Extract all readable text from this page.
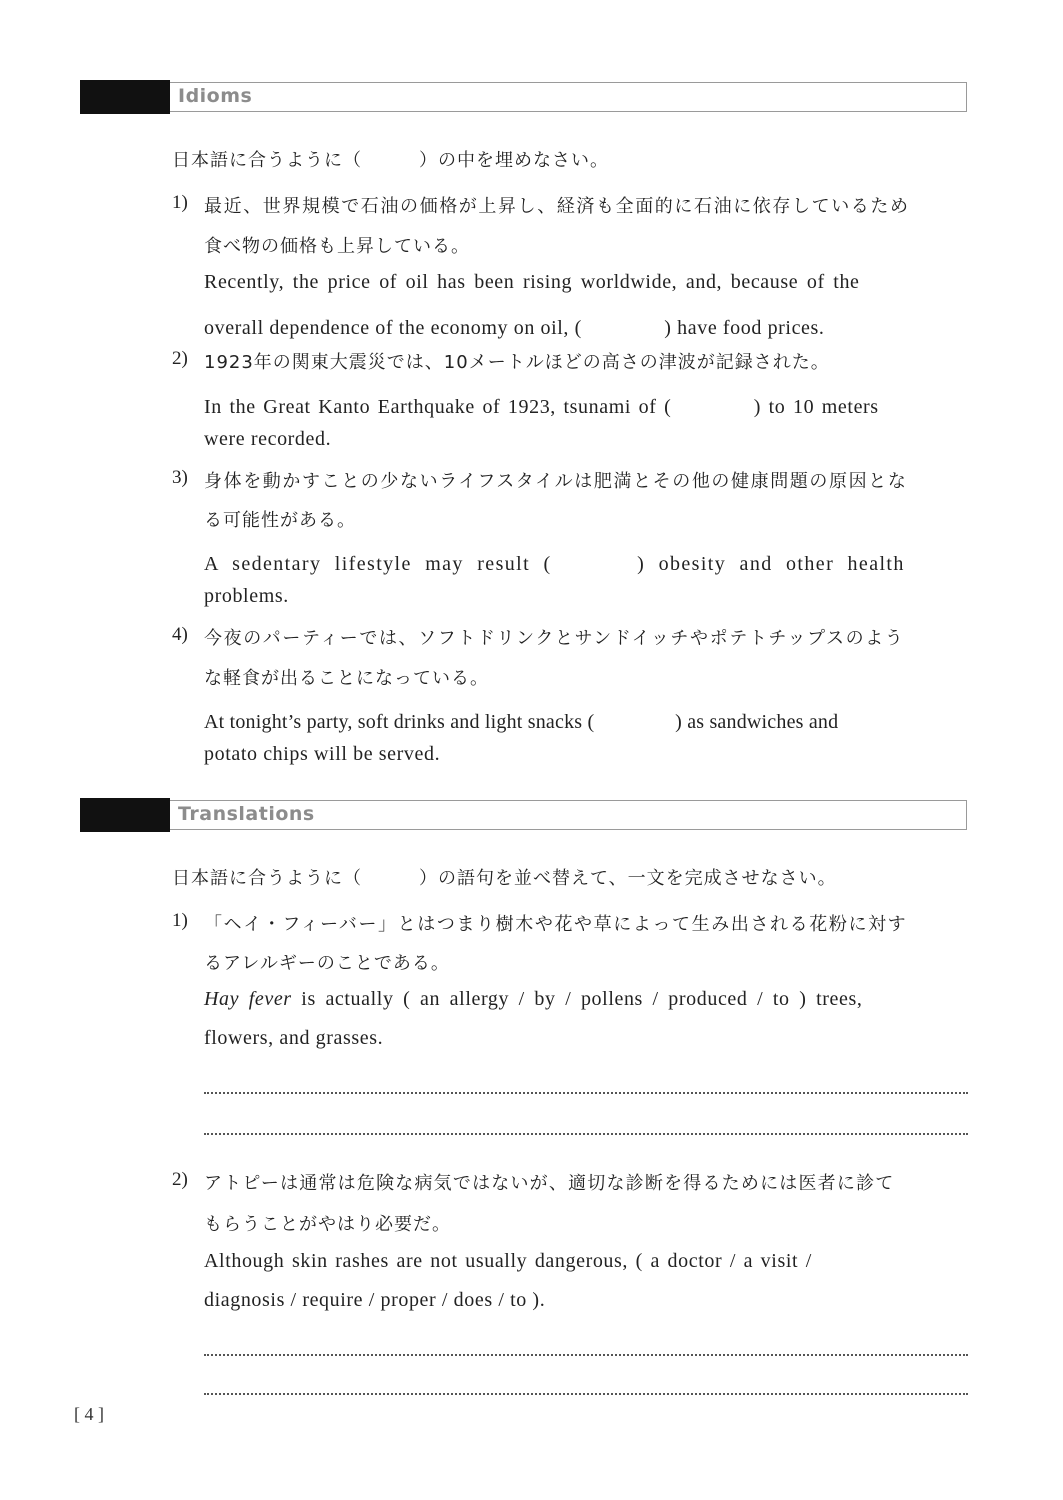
Idioms
日本語に合うように（　　　）の中を埋めなさい。
1) 最近、世界規模で石油の価格が上昇し、経済も全面的に石油に依存しているため
食べ物の価格も上昇している。
Recently, the price of oil has been rising worldwide, and, because of the
overall dependence of the economy on oil, (　　　　) have food prices.
2) 1923年の関東大震災では、10メートルほどの高さの津波が記録された。
In the Great Kanto Earthquake of 1923, tsunami of (　　　　) to 10 meters
were recorded.
3) 身体を動かすことの少ないライフスタイルは肥満とその他の健康問題の原因とな
る可能性がある。
A sedentary lifestyle may result (　　　　) obesity and other health
problems.
4) 今夜のパーティーでは、ソフトドリンクとサンドイッチやポテトチップスのよう
な軽食が出ることになっている。
At tonight’s party, soft drinks and light snacks (　　　　) as sandwiches and
potato chips will be served.
Translations
日本語に合うように（　　　）の語句を並べ替えて、一文を完成させなさい。
1) 「ヘイ・フィーバー」とはつまり樹木や花や草によって生み出される花粉に対す
るアレルギーのことである。
Hay fever is actually ( an allergy / by / pollens / produced / to ) trees,
flowers, and grasses.
2) アトピーは通常は危険な病気ではないが、適切な診断を得るためには医者に診て
もらうことがやはり必要だ。
Although skin rashes are not usually dangerous, ( a doctor / a visit /
diagnosis / require / proper / does / to ).
[ 4 ]
